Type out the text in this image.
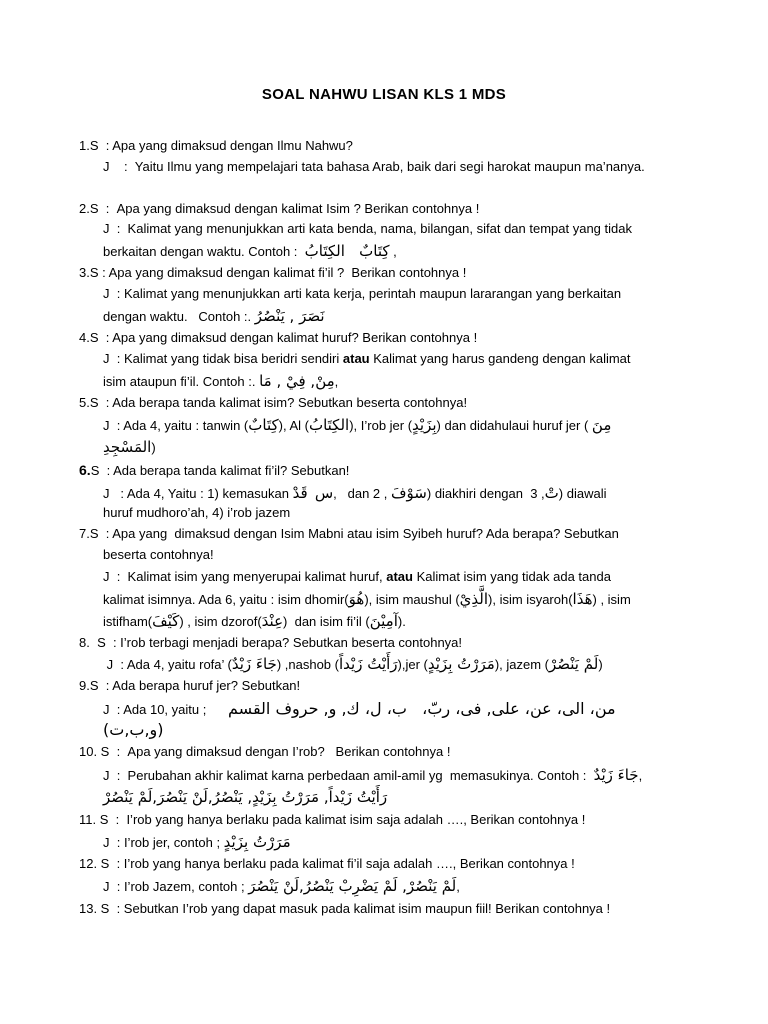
SOAL NAHWU LISAN KLS 1 MDS
1.S  : Apa yang dimaksud dengan Ilmu Nahwu?
J    :  Yaitu Ilmu yang mempelajari tata bahasa Arab, baik dari segi harokat maupun ma’nanya.
2.S  :  Apa yang dimaksud dengan kalimat Isim ? Berikan contohnya !
J  :  Kalimat yang menunjukkan arti kata benda, nama, bilangan, sifat dan tempat yang tidak
berkaitan dengan waktu. Contoh :  كِتَابٌ   الكِتَابُ ,
3.S : Apa yang dimaksud dengan kalimat fi’il ?  Berikan contohnya !
J  : Kalimat yang menunjukkan arti kata kerja, perintah maupun lararangan yang berkaitan
dengan waktu.   Contoh :. نَصَرَ , يَنْصُرُ
4.S  : Apa yang dimaksud dengan kalimat huruf? Berikan contohnya !
J  : Kalimat yang tidak bisa beridri sendiri atau Kalimat yang harus gandeng dengan kalimat
isim ataupun fi’il. Contoh :. مِنْ, فِيْ , مَا,
5.S  : Ada berapa tanda kalimat isim? Sebutkan beserta contohnya!
J  : Ada 4, yaitu : tanwin (كِتَابٌ), Al (الكِتَابُ), I’rob jer (بِزَيْدٍ) dan didahulaui huruf jer ( مِنَ
المَسْجِدِ)
6.S  : Ada berapa tanda kalimat fi’il? Sebutkan!
J   : Ada 4, Yaitu : 1) kemasukan س  قَدْ ,   dan 2 , سَوْفَ) diakhiri dengan  3 ,تْ) diawali
huruf mudhoro’ah, 4) i’rob jazem
7.S  : Apa yang  dimaksud dengan Isim Mabni atau isim Syibeh huruf? Ada berapa? Sebutkan
beserta contohnya!
J  :  Kalimat isim yang menyerupai kalimat huruf, atau Kalimat isim yang tidak ada tanda
kalimat isimnya. Ada 6, yaitu : isim dhomir(هُوَ), isim maushul (الَّذِيْ), isim isyaroh(هَذَا) , isim
istifham(كَيْفَ) , isim dzorof(عِنْدَ)  dan isim fi’il (آمِيْنَ).
8.  S  : I’rob terbagi menjadi berapa? Sebutkan beserta contohnya!
J  : Ada 4, yaitu rofa’ (جَاءَ زَيْدٌ) ,nashob (رَأَيْتُ زَيْداً),jer (مَرَرْتُ بِزَيْدٍ), jazem (لَمْ يَنْصُرْ)
9.S  : Ada berapa huruf jer? Sebutkan!
J  : Ada 10, yaitu ;      من، الى، عن، على, فى، ربّ،   ب، ل، ك, و, حروف القسم
(و,ب,ت)
10. S  :  Apa yang dimaksud dengan I’rob?   Berikan contohnya !
J  :  Perubahan akhir kalimat karna perbedaan amil-amil yg  memasukinya. Contoh :  جَاءَ زَيْدٌ,
رَأَيْتُ زَيْداً, مَرَرْتُ بِزَيْدٍ, يَنْصُرُ,لَنْ يَنْصُرَ,لَمْ يَنْصُرْ
11. S  :  I’rob yang hanya berlaku pada kalimat isim saja adalah …., Berikan contohnya !
J  : I’rob jer, contoh ; مَرَرْتُ بِزَيْدٍ
12. S  : I’rob yang hanya berlaku pada kalimat fi’il saja adalah …., Berikan contohnya !
J  : I’rob Jazem, contoh ; لَمْ يَنْصُرْ, لَمْ يَضْرِبْ يَنْصُرُ,لَنْ يَنْصُرَ,
13. S  : Sebutkan I’rob yang dapat masuk pada kalimat isim maupun fiil! Berikan contohnya !
